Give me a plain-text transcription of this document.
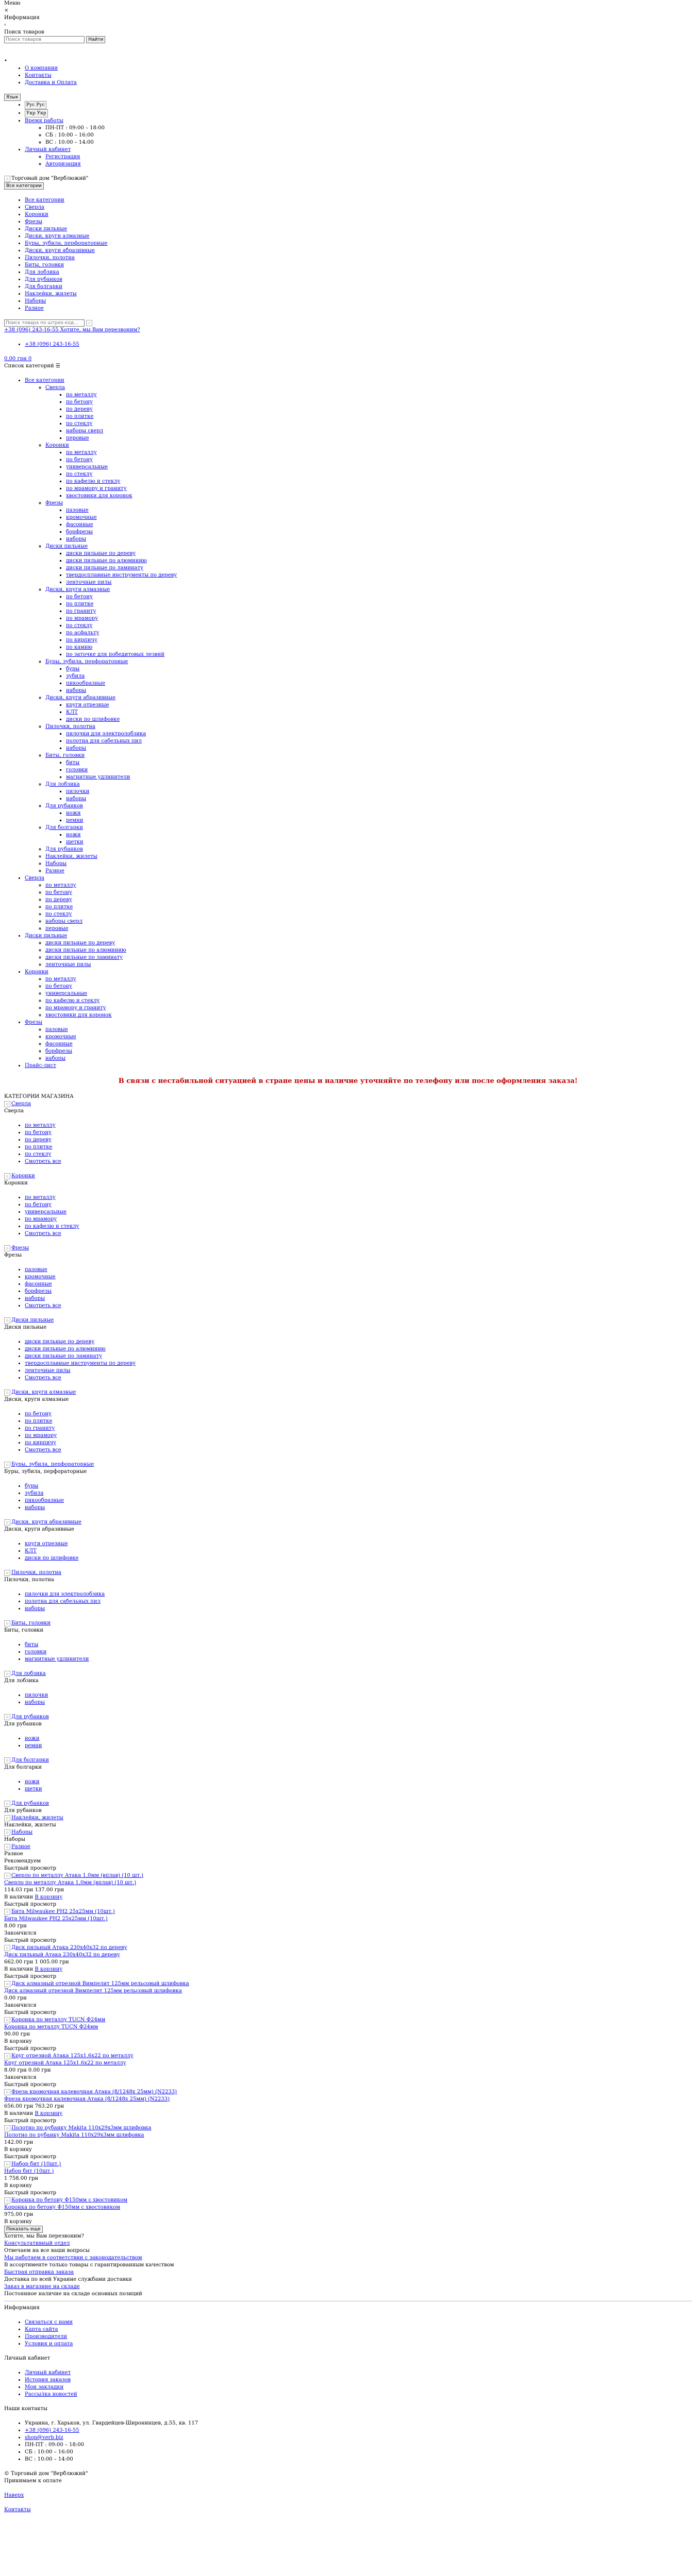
Меню
×
Информация
‹
Поиск товаров
Поиск товаров Найти
•
• О компании
• Контакты
• Доставка и Оплата
Язык
• Рус Рус
• Укр Укр
• Время работы
◦ ПН-ПТ : 09:00 – 18:00
◦ СБ : 10:00 – 16:00
◦ ВС : 10:00 – 14:00
• Личный кабинет
◦ Регистрация
◦ Авторизация
▫ Торговый дом "Верблюжий"
Все категории
• Все категории
• Сверла
• Коронки
• Фрезы
• Диски пильные
• Диски, круги алмазные
• Буры, зубила, перфораторные
• Диски, круги абразивные
• Пилочки, полотна
• Биты, головки
• Для лобзика
• Для рубанков
• Для болгарки
• Наклейки, жилеты
• Наборы
• Разное
Поиск товара по штрих-код... ⌕
+38 (096) 243-16-55 Хотите, мы Вам перезвоним?
• +38 (096) 243-16-55
0,00 грн 0
Список категорий ☰
• Все категории
◦ Сверла
▪ по металлу
▪ по бетону
▪ по дереву
▪ по плитке
▪ по стеклу
▪ наборы сверл
▪ перовые
◦ Коронки
▪ по металлу
▪ по бетону
▪ универсальные
▪ по стеклу
▪ по кафелю и стеклу
▪ по мрамору и граниту
▪ хвостовики для коронок
◦ Фрезы
▪ пазовые
▪ кромочные
▪ фасонные
▪ борфрезы
▪ наборы
◦ Диски пильные
▪ диски пильные по дереву
▪ диски пильные по алюминию
▪ диски пильные по ламинату
▪ твердосплавные инструменты по дереву
▪ ленточные пилы
◦ Диски, круги алмазные
▪ по бетону
▪ по плитке
▪ по граниту
▪ по мрамору
▪ по стеклу
▪ по асфальту
▪ по кирпичу
▪ по камню
▪ по заточке для победитовых лезвий
◦ Буры, зубила, перфораторные
▪ буры
▪ зубила
▪ пикообразные
▪ наборы
◦ Диски, круги абразивные
▪ круги отрезные
▪ КЛТ
▪ диски по шлифовке
◦ Пилочки, полотна
▪ пилочки для электролобзика
▪ полотна для сабельных пил
▪ наборы
◦ Биты, головки
▪ биты
▪ головки
▪ магнитные удлинители
◦ Для лобзика
▪ пилочки
▪ наборы
◦ Для рубанков
▪ ножи
▪ ремни
◦ Для болгарки
▪ ножи
▪ щетки
◦ Для рубанков
◦ Наклейки, жилеты
◦ Наборы
◦ Разное
• Сверла
◦ по металлу
◦ по бетону
◦ по дереву
◦ по плитке
◦ по стеклу
◦ наборы сверл
◦ перовые
• Диски пильные
◦ диски пильные по дереву
◦ диски пильные по алюминию
◦ диски пильные по ламинату
◦ ленточные пилы
• Коронки
◦ по металлу
◦ по бетону
◦ универсальные
◦ по кафелю и стеклу
◦ по мрамору и граниту
◦ хвостовики для коронок
• Фрезы
◦ пазовые
◦ кромочные
◦ фасонные
◦ борфрезы
◦ наборы
• Прайс-лист
В связи с нестабильной ситуацией в стране цены и наличие уточняйте по телефону или после оформления заказа!
КАТЕГОРИИ МАГАЗИНА
▫ Сверла
Сверла

• по металлу
• по бетону
• по дереву
• по плитке
• по стеклу
• Смотреть все

▫ Коронки
Коронки

• по металлу
• по бетону
• универсальные
• по мрамору
• по кафелю и стеклу
• Смотреть все

▫ Фрезы
Фрезы

• пазовые
• кромочные
• фасонные
• борфрезы
• наборы
• Смотреть все

▫ Диски пильные
Диски пильные

• диски пильные по дереву
• диски пильные по алюминию
• диски пильные по ламинату
• твердосплавные инструменты по дереву
• ленточные пилы
• Смотреть все

▫ Диски, круги алмазные
Диски, круги алмазные

• по бетону
• по плитке
• по граниту
• по мрамору
• по кирпичу
• Смотреть все

▫ Буры, зубила, перфораторные
Буры, зубила, перфораторные

• буры
• зубила
• пикообразные
• наборы

▫ Диски, круги абразивные
Диски, круги абразивные

• круги отрезные
• КЛТ
• диски по шлифовке

▫ Пилочки, полотна
Пилочки, полотна

• пилочки для электролобзика
• полотна для сабельных пил
• наборы

▫ Биты, головки
Биты, головки

• биты
• головки
• магнитные удлинители

▫ Для лобзика
Для лобзика

• пилочки
• наборы

▫ Для рубанков
Для рубанков

• ножи
• ремни

▫ Для болгарки
Для болгарки

• ножи
• щетки

▫ Для рубанков
Для рубанков
▫ Наклейки, жилеты
Наклейки, жилеты
▫ Наборы
Наборы
▫ Разное
Разное
Рекомендуем
Быстрый просмотр
▫ Сверло по металлу Атака 1,0мм (вплав) (10 шт.)
Сверло по металлу Атака 1,0мм (вплав) (10 шт.)
114.03 грн 137.00 грн
В наличии В корзину
Быстрый просмотр
▫ Бита Milwaukee PH2 25x25мм (10шт.)
Бита Milwaukee PH2 25x25мм (10шт.)
8.00 грн
Закончился
Быстрый просмотр
▫ Диск пильный Атака 230х40х32 по дереву
Диск пильный Атака 230х40х32 по дереву
662.00 грн 1 005.00 грн
В наличии В корзину
Быстрый просмотр
▫ Диск алмазный отрезной Вимпелит 125мм рельсовый шлифовка
Диск алмазный отрезной Вимпелит 125мм рельсовый шлифовка
0.00 грн
Закончился
Быстрый просмотр
▫ Коронка по металлу TUCN Ф24мм
Коронка по металлу TUCN Ф24мм
90.00 грн
В корзину
Быстрый просмотр
▫ Круг отрезной Атака 125x1.6x22 по металлу
Круг отрезной Атака 125x1.6x22 по металлу
8.00 грн 0.00 грн
Закончился
Быстрый просмотр
▫ Фреза кромочная калевочная Атака (8/1248x 25мм) (N2233)
Фреза кромочная калевочная Атака (8/1248x 25мм) (N2233)
656.00 грн 763.20 грн
В наличии В корзину
Быстрый просмотр
▫ Полотно по рубанку Makita 110x29x3мм шлифовка
Полотно по рубанку Makita 110x29x3мм шлифовка
142.00 грн
В корзину
Быстрый просмотр
▫ Набор бит (10шт.)
Набор бит (10шт.)
1 758.00 грн
В корзину
Быстрый просмотр
▫ Коронка по бетону Ф150мм с хвостовиком
Коронка по бетону Ф150мм с хвостовиком
975.00 грн
В корзину
Показать еще
Хотите, мы Вам перезвоним?
Консультативный отдел
Отвечаем на все ваши вопросы
Мы работаем в соответствии с законодательством
В ассортименте только товары с гарантированным качеством
Быстрая отправка заказа
Доставка по всей Украине службами доставки
Заказ в магазине на складе
Постоянное наличие на складе основных позиций
Информация
• Связаться с нами
• Карта сайта
• Производители
• Условия и оплата
Личный кабинет
• Личный кабинет
• История заказов
• Мои закладки
• Рассылка новостей
Наши контакты
• Украина, г. Харьков, ул. Гвардейцев-Широнинцев, д.55, кв. 117
• +38 (096) 243-16-55
• shop@verb.biz
• ПН-ПТ : 09:00 – 18:00
• СБ : 10:00 – 16:00
• ВС : 10:00 – 14:00
© Торговый дом "Верблюжий"
Принимаем к оплате
Наверх
Контакты
